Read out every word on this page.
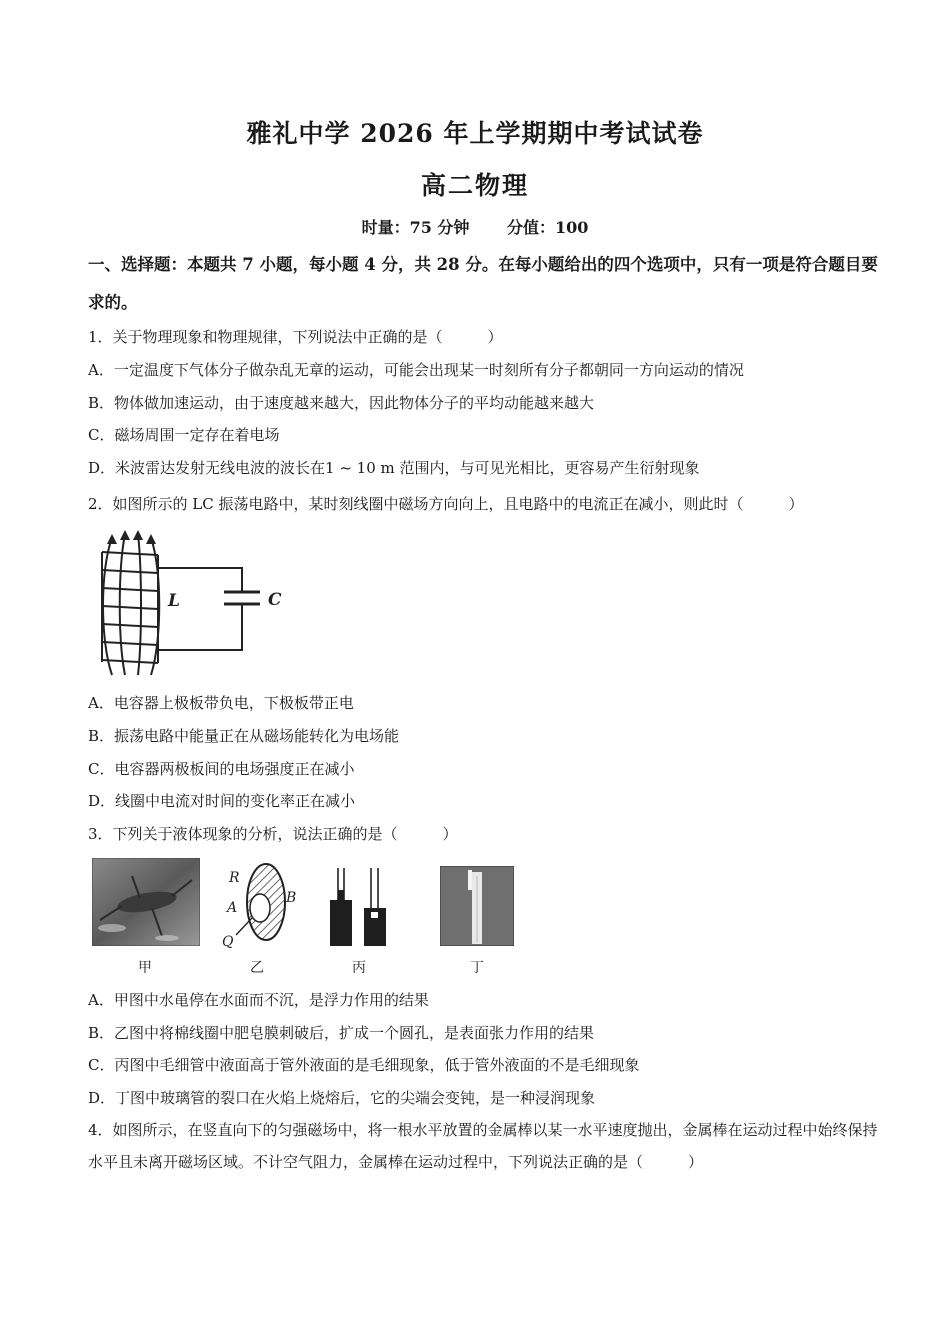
雅礼中学 2026 年上学期期中考试试卷
高二物理
时量：75 分钟 分值：100
一、选择题：本题共 7 小题，每小题 4 分，共 28 分。在每小题给出的四个选项中，只有一项是符合题目要求的。
1．关于物理现象和物理规律，下列说法中正确的是（　　　）
A．一定温度下气体分子做杂乱无章的运动，可能会出现某一时刻所有分子都朝同一方向运动的情况
B．物体做加速运动，由于速度越来越大，因此物体分子的平均动能越来越大
C．磁场周围一定存在着电场
D．米波雷达发射无线电波的波长在1 ~ 10 m 范围内，与可见光相比，更容易产生衍射现象
2．如图所示的 LC 振荡电路中，某时刻线圈中磁场方向向上，且电路中的电流正在减小，则此时（　　　）
L	C
A．电容器上极板带负电，下极板带正电
B．振荡电路中能量正在从磁场能转化为电场能
C．电容器两极板间的电场强度正在减小
D．线圈中电流对时间的变化率正在减小
3．下列关于液体现象的分析，说法正确的是（　　　）
甲
R
A
B
Q
乙	丙	丁
A．甲图中水黾停在水面而不沉，是浮力作用的结果
B．乙图中将棉线圈中肥皂膜刺破后，扩成一个圆孔，是表面张力作用的结果
C．丙图中毛细管中液面高于管外液面的是毛细现象，低于管外液面的不是毛细现象
D．丁图中玻璃管的裂口在火焰上烧熔后，它的尖端会变钝，是一种浸润现象
4．如图所示，在竖直向下的匀强磁场中，将一根水平放置的金属棒以某一水平速度抛出，金属棒在运动过程中始终保持水平且未离开磁场区域。不计空气阻力，金属棒在运动过程中，下列说法正确的是（　　　）
